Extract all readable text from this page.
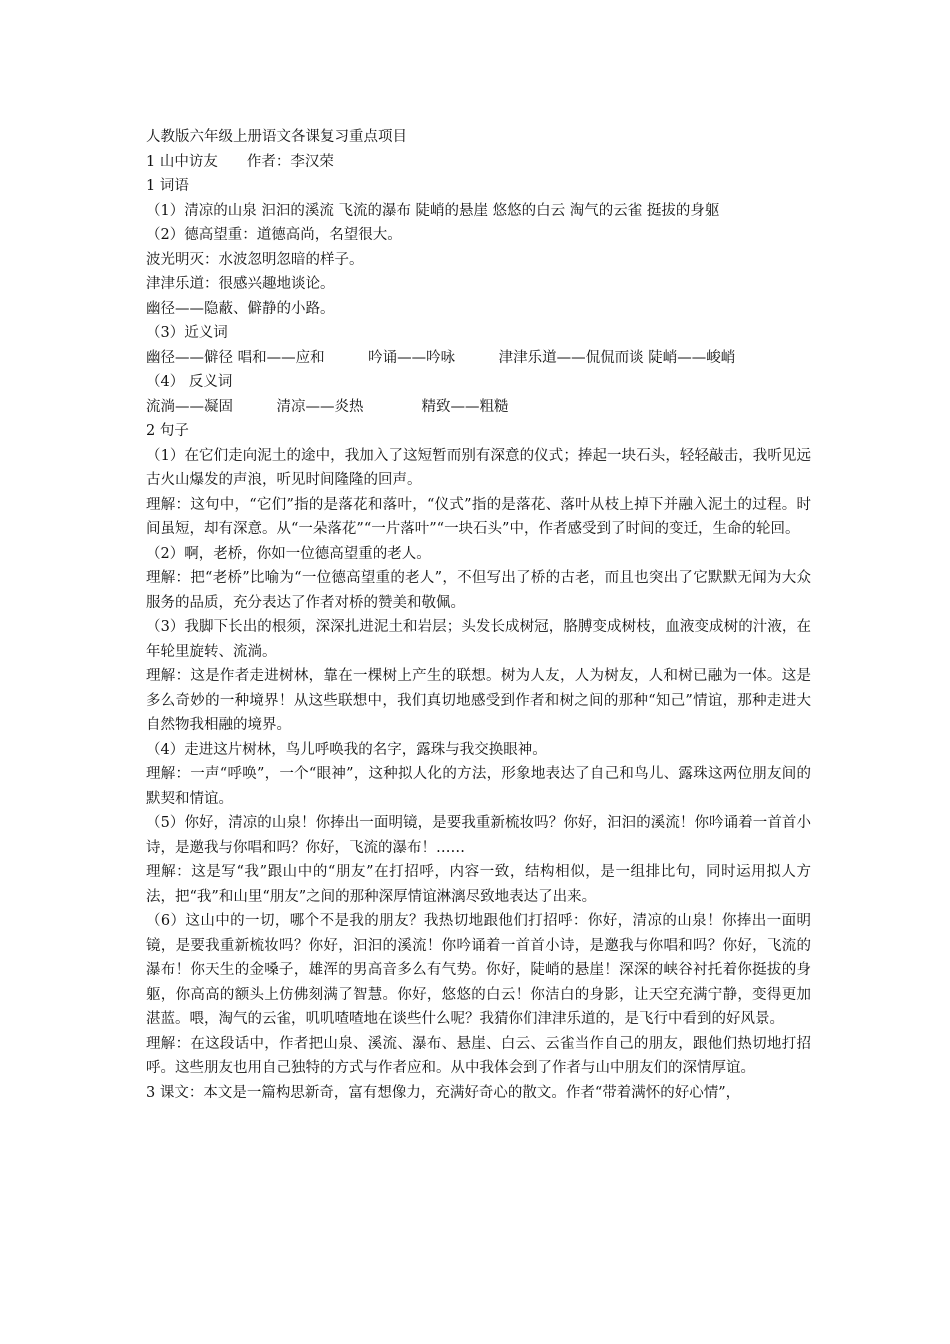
人教版六年级上册语文各课复习重点项目

1 山中访友　　作者：李汉荣

1 词语

（1）清凉的山泉 汩汩的溪流 飞流的瀑布 陡峭的悬崖 悠悠的白云 淘气的云雀 挺拔的身躯

（2）德高望重：道德高尚，名望很大。

波光明灭：水波忽明忽暗的样子。

津津乐道：很感兴趣地谈论。

幽径——隐蔽、僻静的小路。

（3）近义词

幽径——僻径 唱和——应和　　　吟诵——吟咏　　　津津乐道——侃侃而谈 陡峭——峻峭

（4） 反义词

流淌——凝固　　　清凉——炎热　　　　精致——粗糙

2 句子

（1）在它们走向泥土的途中，我加入了这短暂而别有深意的仪式；捧起一块石头，轻轻敲击，我听见远古火山爆发的声浪，听见时间隆隆的回声。

理解：这句中，“它们”指的是落花和落叶，“仪式”指的是落花、落叶从枝上掉下并融入泥土的过程。时间虽短，却有深意。从“一朵落花”“一片落叶”“一块石头”中，作者感受到了时间的变迁，生命的轮回。

（2）啊，老桥，你如一位德高望重的老人。

理解：把“老桥”比喻为“一位德高望重的老人”，不但写出了桥的古老，而且也突出了它默默无闻为大众服务的品质，充分表达了作者对桥的赞美和敬佩。

（3）我脚下长出的根须，深深扎进泥土和岩层；头发长成树冠，胳膊变成树枝，血液变成树的汁液，在年轮里旋转、流淌。

理解：这是作者走进树林，靠在一棵树上产生的联想。树为人友，人为树友，人和树已融为一体。这是多么奇妙的一种境界！从这些联想中，我们真切地感受到作者和树之间的那种“知己”情谊，那种走进大自然物我相融的境界。

（4）走进这片树林，鸟儿呼唤我的名字，露珠与我交换眼神。

理解：一声“呼唤”，一个“眼神”，这种拟人化的方法，形象地表达了自己和鸟儿、露珠这两位朋友间的默契和情谊。

（5）你好，清凉的山泉！你捧出一面明镜，是要我重新梳妆吗？你好，汩汩的溪流！你吟诵着一首首小诗，是邀我与你唱和吗？你好，飞流的瀑布！……

理解：这是写“我”跟山中的“朋友”在打招呼，内容一致，结构相似，是一组排比句，同时运用拟人方法，把“我”和山里“朋友”之间的那种深厚情谊淋漓尽致地表达了出来。

（6）这山中的一切，哪个不是我的朋友？我热切地跟他们打招呼：你好，清凉的山泉！你捧出一面明镜，是要我重新梳妆吗？你好，汩汩的溪流！你吟诵着一首首小诗，是邀我与你唱和吗？你好，飞流的瀑布！你天生的金嗓子，雄浑的男高音多么有气势。你好，陡峭的悬崖！深深的峡谷衬托着你挺拔的身躯，你高高的额头上仿佛刻满了智慧。你好，悠悠的白云！你洁白的身影，让天空充满宁静，变得更加湛蓝。喂，淘气的云雀，叽叽喳喳地在谈些什么呢？我猜你们津津乐道的，是飞行中看到的好风景。

理解：在这段话中，作者把山泉、溪流、瀑布、悬崖、白云、云雀当作自己的朋友，跟他们热切地打招呼。这些朋友也用自己独特的方式与作者应和。从中我体会到了作者与山中朋友们的深情厚谊。

3 课文：本文是一篇构思新奇，富有想像力，充满好奇心的散文。作者“带着满怀的好心情”，
